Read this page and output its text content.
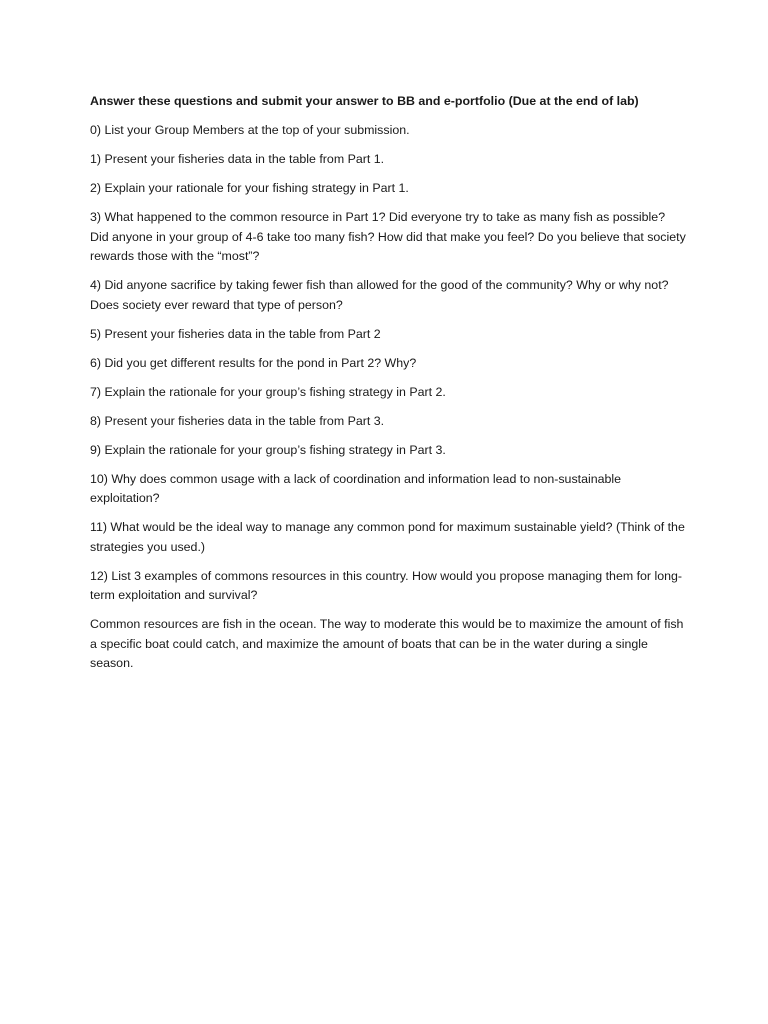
Answer these questions and submit your answer to BB and e-portfolio (Due at the end of lab)

0) List your Group Members at the top of your submission.

1) Present your fisheries data in the table from Part 1.

2) Explain your rationale for your fishing strategy in Part 1.

3) What happened to the common resource in Part 1? Did everyone try to take as many fish as possible? Did anyone in your group of 4-6 take too many fish? How did that make you feel? Do you believe that society rewards those with the “most”?

4) Did anyone sacrifice by taking fewer fish than allowed for the good of the community? Why or why not? Does society ever reward that type of person?

5) Present your fisheries data in the table from Part 2

6) Did you get different results for the pond in Part 2? Why?

7) Explain the rationale for your group’s fishing strategy in Part 2.

8) Present your fisheries data in the table from Part 3.

9) Explain the rationale for your group’s fishing strategy in Part 3.

10) Why does common usage with a lack of coordination and information lead to non-sustainable exploitation?

11) What would be the ideal way to manage any common pond for maximum sustainable yield? (Think of the strategies you used.)

12) List 3 examples of commons resources in this country. How would you propose managing them for long-term exploitation and survival?

Common resources are fish in the ocean. The way to moderate this would be to maximize the amount of fish a specific boat could catch, and maximize the amount of boats that can be in the water during a single season.
